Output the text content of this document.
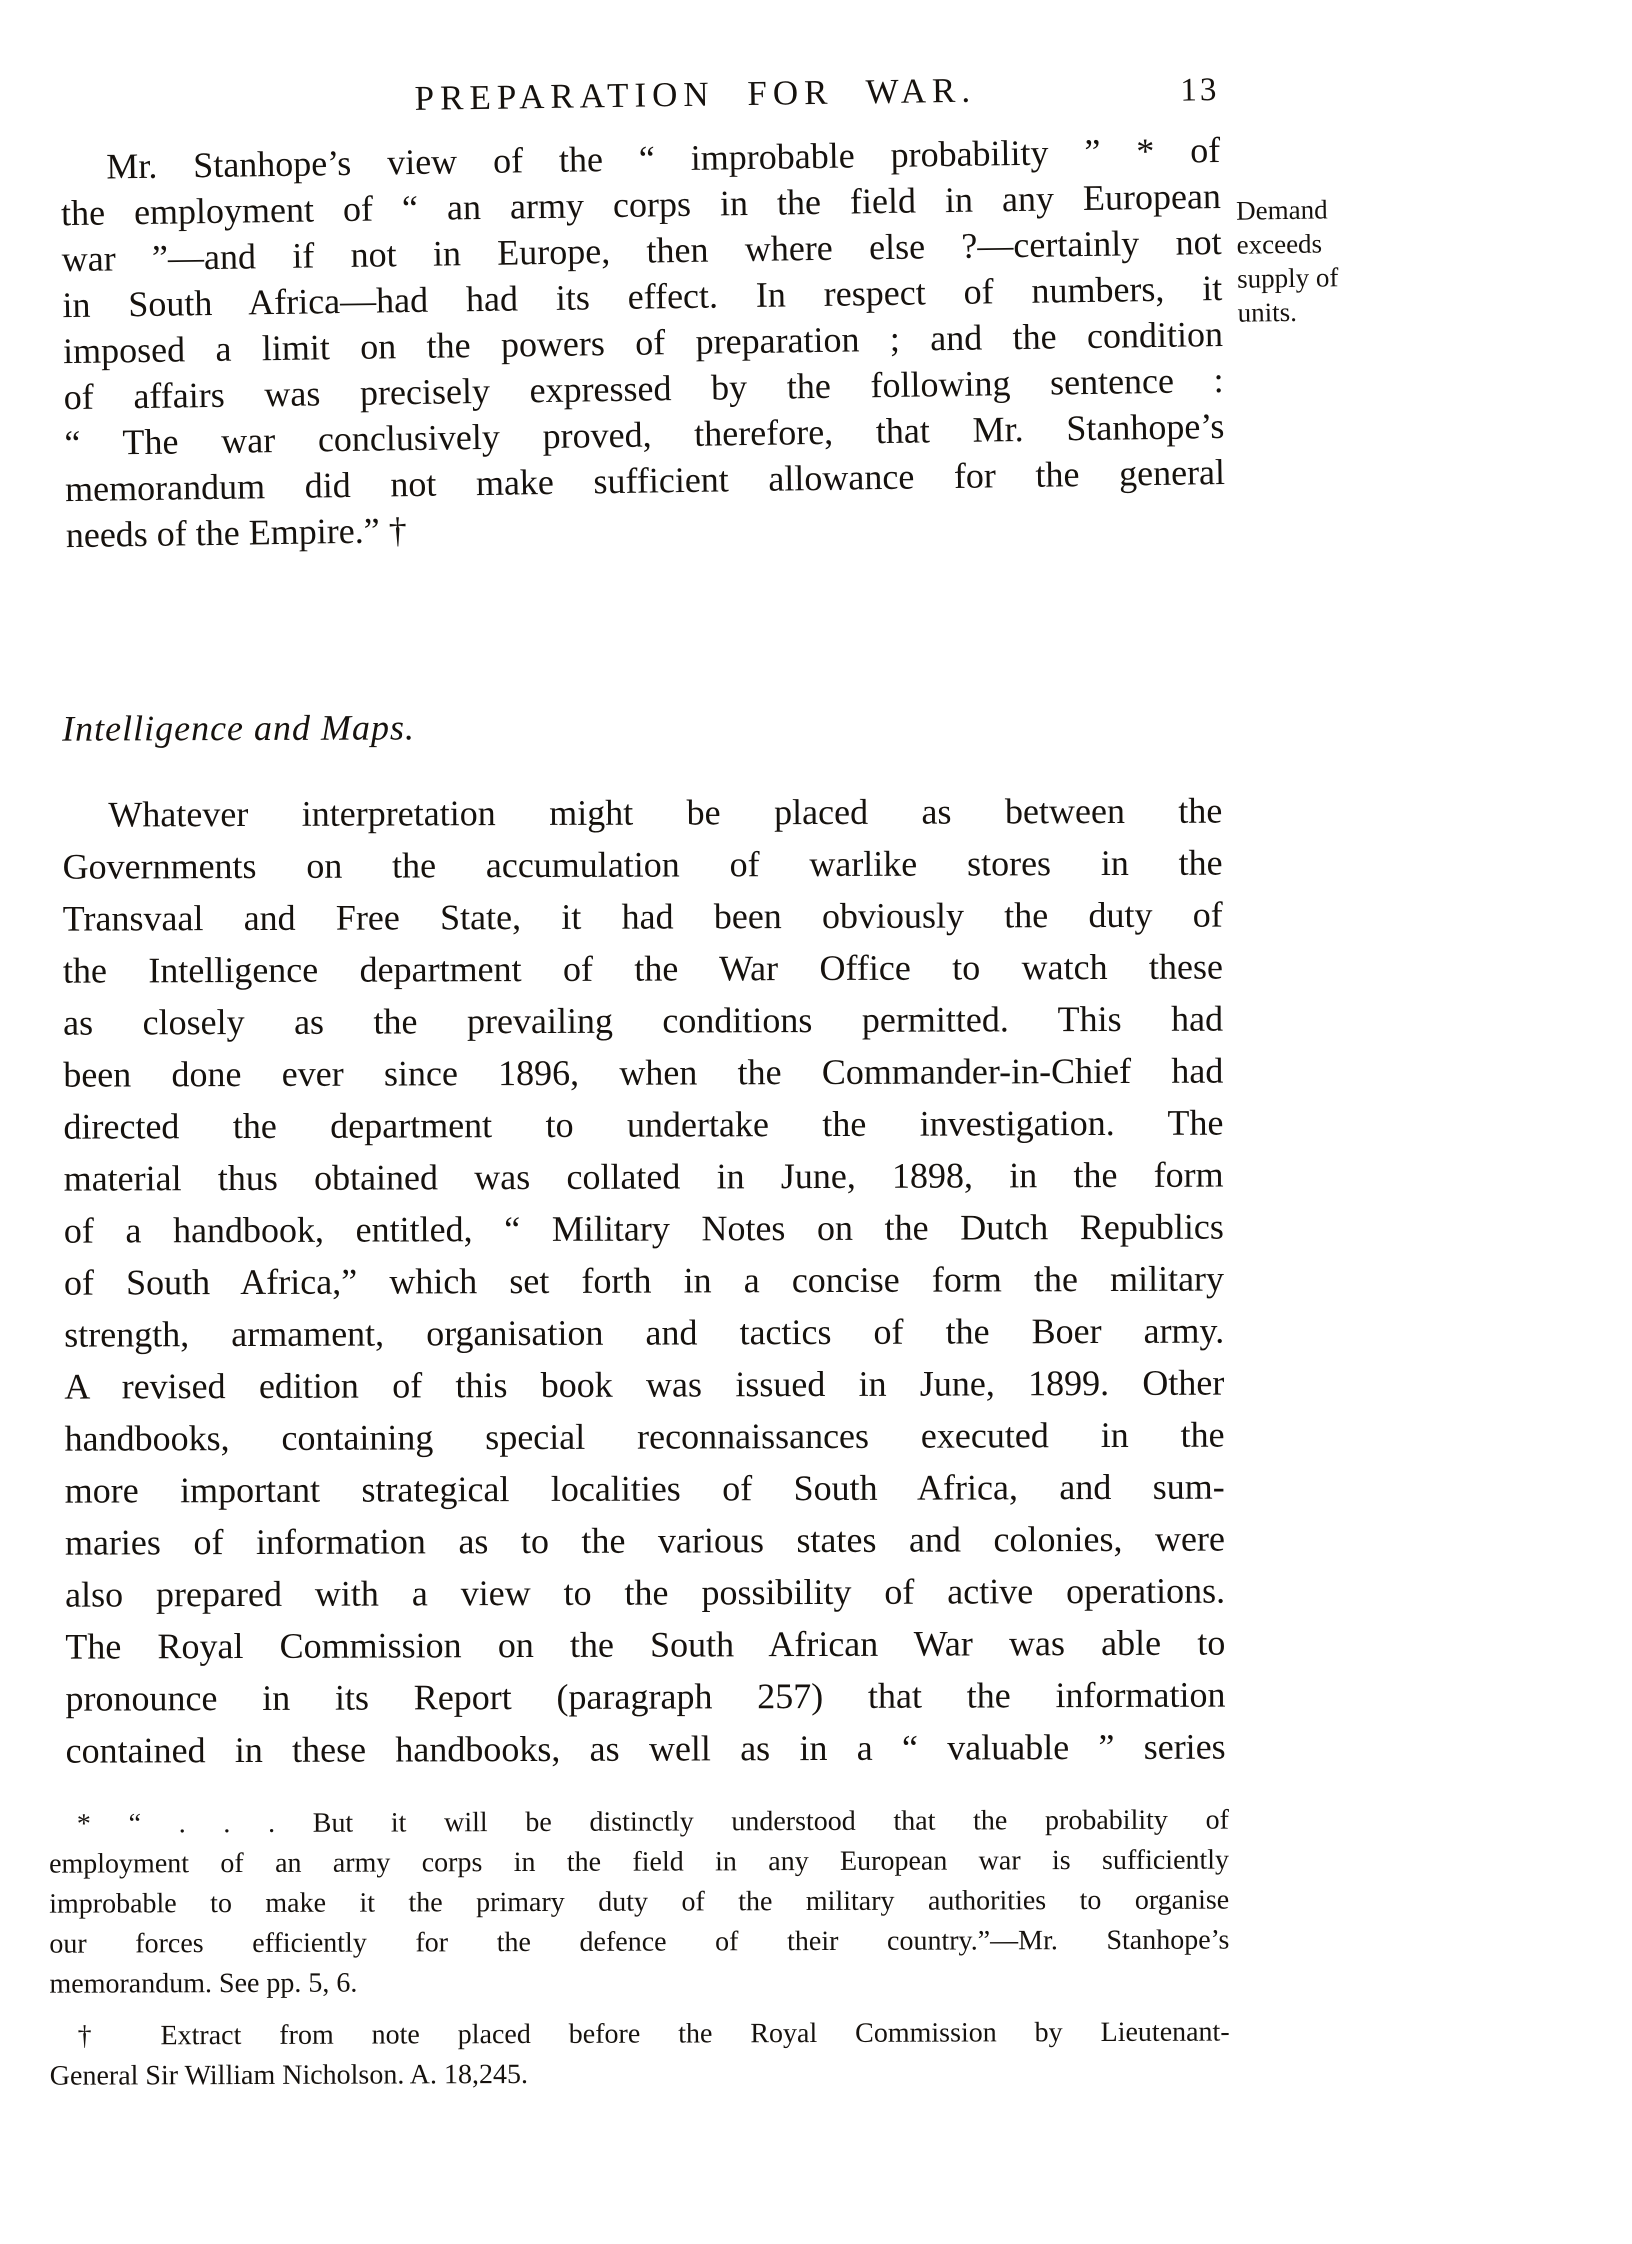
PREPARATION FOR WAR.	13
Mr. Stanhope’s view of the “ improbable probability ” * of
the employment of “ an army corps in the field in any European
war ”—and if not in Europe, then where else ?—certainly not
in South Africa—had had its effect. In respect of numbers, it
imposed a limit on the powers of preparation ; and the condition
of affairs was precisely expressed by the following sentence :
“ The war conclusively proved, therefore, that Mr. Stanhope’s
memorandum did not make sufficient allowance for the general
needs of the Empire.” †
Demand exceeds supply of units.
Intelligence and Maps.
Whatever interpretation might be placed as between the
Governments on the accumulation of warlike stores in the
Transvaal and Free State, it had been obviously the duty of
the Intelligence department of the War Office to watch these
as closely as the prevailing conditions permitted. This had
been done ever since 1896, when the Commander-in-Chief had
directed the department to undertake the investigation. The
material thus obtained was collated in June, 1898, in the form
of a handbook, entitled, “ Military Notes on the Dutch Republics
of South Africa,” which set forth in a concise form the military
strength, armament, organisation and tactics of the Boer army.
A revised edition of this book was issued in June, 1899. Other
handbooks, containing special reconnaissances executed in the
more important strategical localities of South Africa, and sum-
maries of information as to the various states and colonies, were
also prepared with a view to the possibility of active operations.
The Royal Commission on the South African War was able to
pronounce in its Report (paragraph 257) that the information
contained in these handbooks, as well as in a “ valuable ” series
* “ . . . But it will be distinctly understood that the probability of
employment of an army corps in the field in any European war is sufficiently
improbable to make it the primary duty of the military authorities to organise
our forces efficiently for the defence of their country.”—Mr. Stanhope’s
memorandum. See pp. 5, 6.
† Extract from note placed before the Royal Commission by Lieutenant-
General Sir William Nicholson. A. 18,245.
